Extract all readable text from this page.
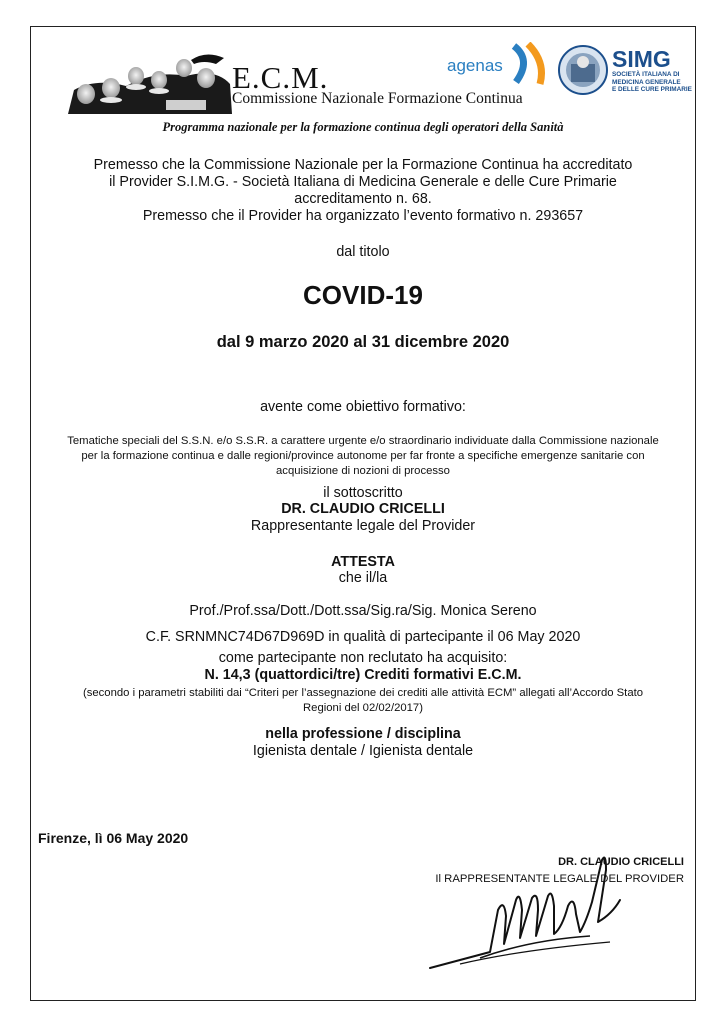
E.C.M.
Commissione Nazionale Formazione Continua
agenas	SIMG
SOCIETÀ ITALIANA DI
MEDICINA GENERALE
E DELLE CURE PRIMARIE
Programma nazionale per la formazione continua degli operatori della Sanità
Premesso che la Commissione Nazionale per la Formazione Continua ha accreditato
il Provider S.I.M.G. - Società Italiana di Medicina Generale e delle Cure Primarie
accreditamento n. 68.
Premesso che il Provider ha organizzato l’evento formativo n. 293657
dal titolo
COVID-19
dal 9 marzo 2020 al 31 dicembre 2020
avente come obiettivo formativo:
Tematiche speciali del S.S.N. e/o S.S.R. a carattere urgente e/o straordinario individuate dalla Commissione nazionale
per la formazione continua e dalle regioni/province autonome per far fronte a specifiche emergenze sanitarie con
acquisizione di nozioni di processo
il sottoscritto
DR. CLAUDIO CRICELLI
Rappresentante legale del Provider
ATTESTA
che il/la
Prof./Prof.ssa/Dott./Dott.ssa/Sig.ra/Sig. Monica Sereno
C.F. SRNMNC74D67D969D in qualità di partecipante il 06 May 2020
come partecipante non reclutato ha acquisito:
N. 14,3 (quattordici/tre) Crediti formativi E.C.M.
(secondo i parametri stabiliti dai “Criteri per l’assegnazione dei crediti alle attività ECM” allegati all’Accordo Stato
Regioni del 02/02/2017)
nella professione / disciplina
Igienista dentale / Igienista dentale
Firenze, lì 06 May 2020
DR. CLAUDIO CRICELLI
Il RAPPRESENTANTE LEGALE DEL PROVIDER
